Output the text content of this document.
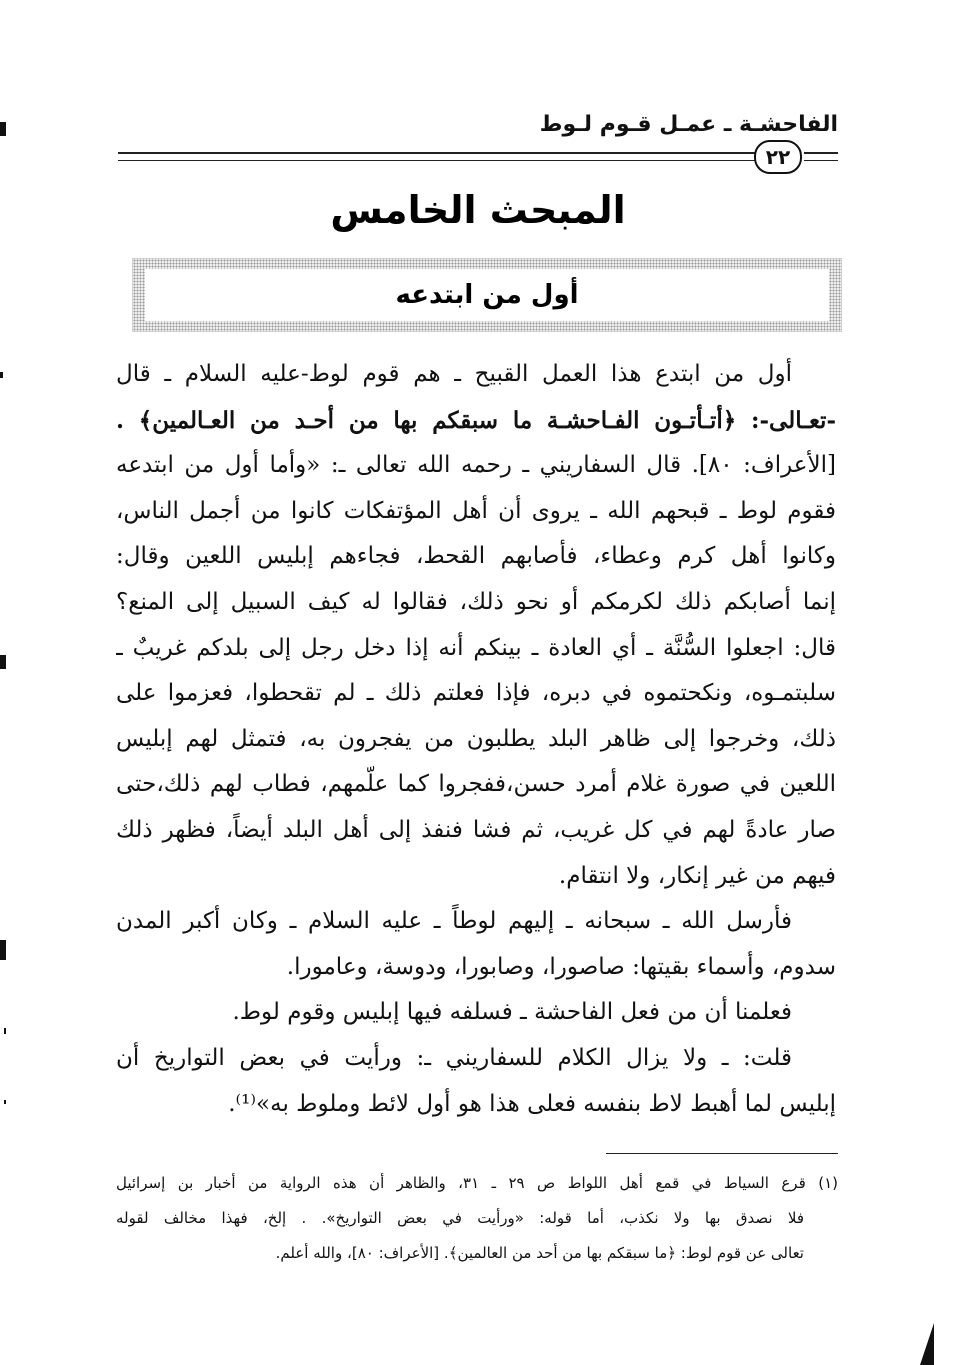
الفاحشـة ـ عمـل قـوم لـوط
٢٢
المبحث الخامس
أول من ابتدعه
أول من ابتدع هذا العمل القبيح ـ هم قوم لوط-عليه السلام ـ قال
-تعـالى-: ﴿أتـأتـون الفـاحشـة ما سبقكم بها من أحـد من العـالمين﴾ .
[الأعراف: ٨٠]. قال السفاريني ـ رحمه الله تعالى ـ: «وأما أول من ابتدعه
فقوم لوط ـ قبحهم الله ـ يروى أن أهل المؤتفكات كانوا من أجمل الناس،
وكانوا أهل كرم وعطاء، فأصابهم القحط، فجاءهم إبليس اللعين وقال:
إنما أصابكم ذلك لكرمكم أو نحو ذلك، فقالوا له كيف السبيل إلى المنع؟
قال: اجعلوا السُّنَّة ـ أي العادة ـ بينكم أنه إذا دخل رجل إلى بلدكم غريبٌ ـ
سلبتمـوه، ونكحتموه في دبره، فإذا فعلتم ذلك ـ لم تقحطوا، فعزموا على
ذلك، وخرجوا إلى ظاهر البلد يطلبون من يفجرون به، فتمثل لهم إبليس
اللعين في صورة غلام أمرد حسن،ففجروا كما علّمهم، فطاب لهم ذلك،حتى
صار عادةً لهم في كل غريب، ثم فشا فنفذ إلى أهل البلد أيضاً، فظهر ذلك
فيهم من غير إنكار، ولا انتقام.
فأرسل الله ـ سبحانه ـ إليهم لوطاً ـ عليه السلام ـ وكان أكبر المدن
سدوم، وأسماء بقيتها: صاصورا، وصابورا، ودوسة، وعامورا.
فعلمنا أن من فعل الفاحشة ـ فسلفه فيها إبليس وقوم لوط.
قلت: ـ ولا يزال الكلام للسفاريني ـ: ورأيت في بعض التواريخ أن
إبليس لما أهبط لاط بنفسه فعلى هذا هو أول لائط وملوط به»⁽¹⁾.
(١) قرع السياط في قمع أهل اللواط ص ٢٩ ـ ٣١، والظاهر أن هذه الرواية من أخبار بن إسرائيل
فلا نصدق بها ولا نكذب، أما قوله: «ورأيت في بعض التواريخ». . إلخ، فهذا مخالف لقوله
تعالى عن قوم لوط: ﴿ما سبقكم بها من أحد من العالمين﴾. [الأعراف: ٨٠]، والله أعلم.
